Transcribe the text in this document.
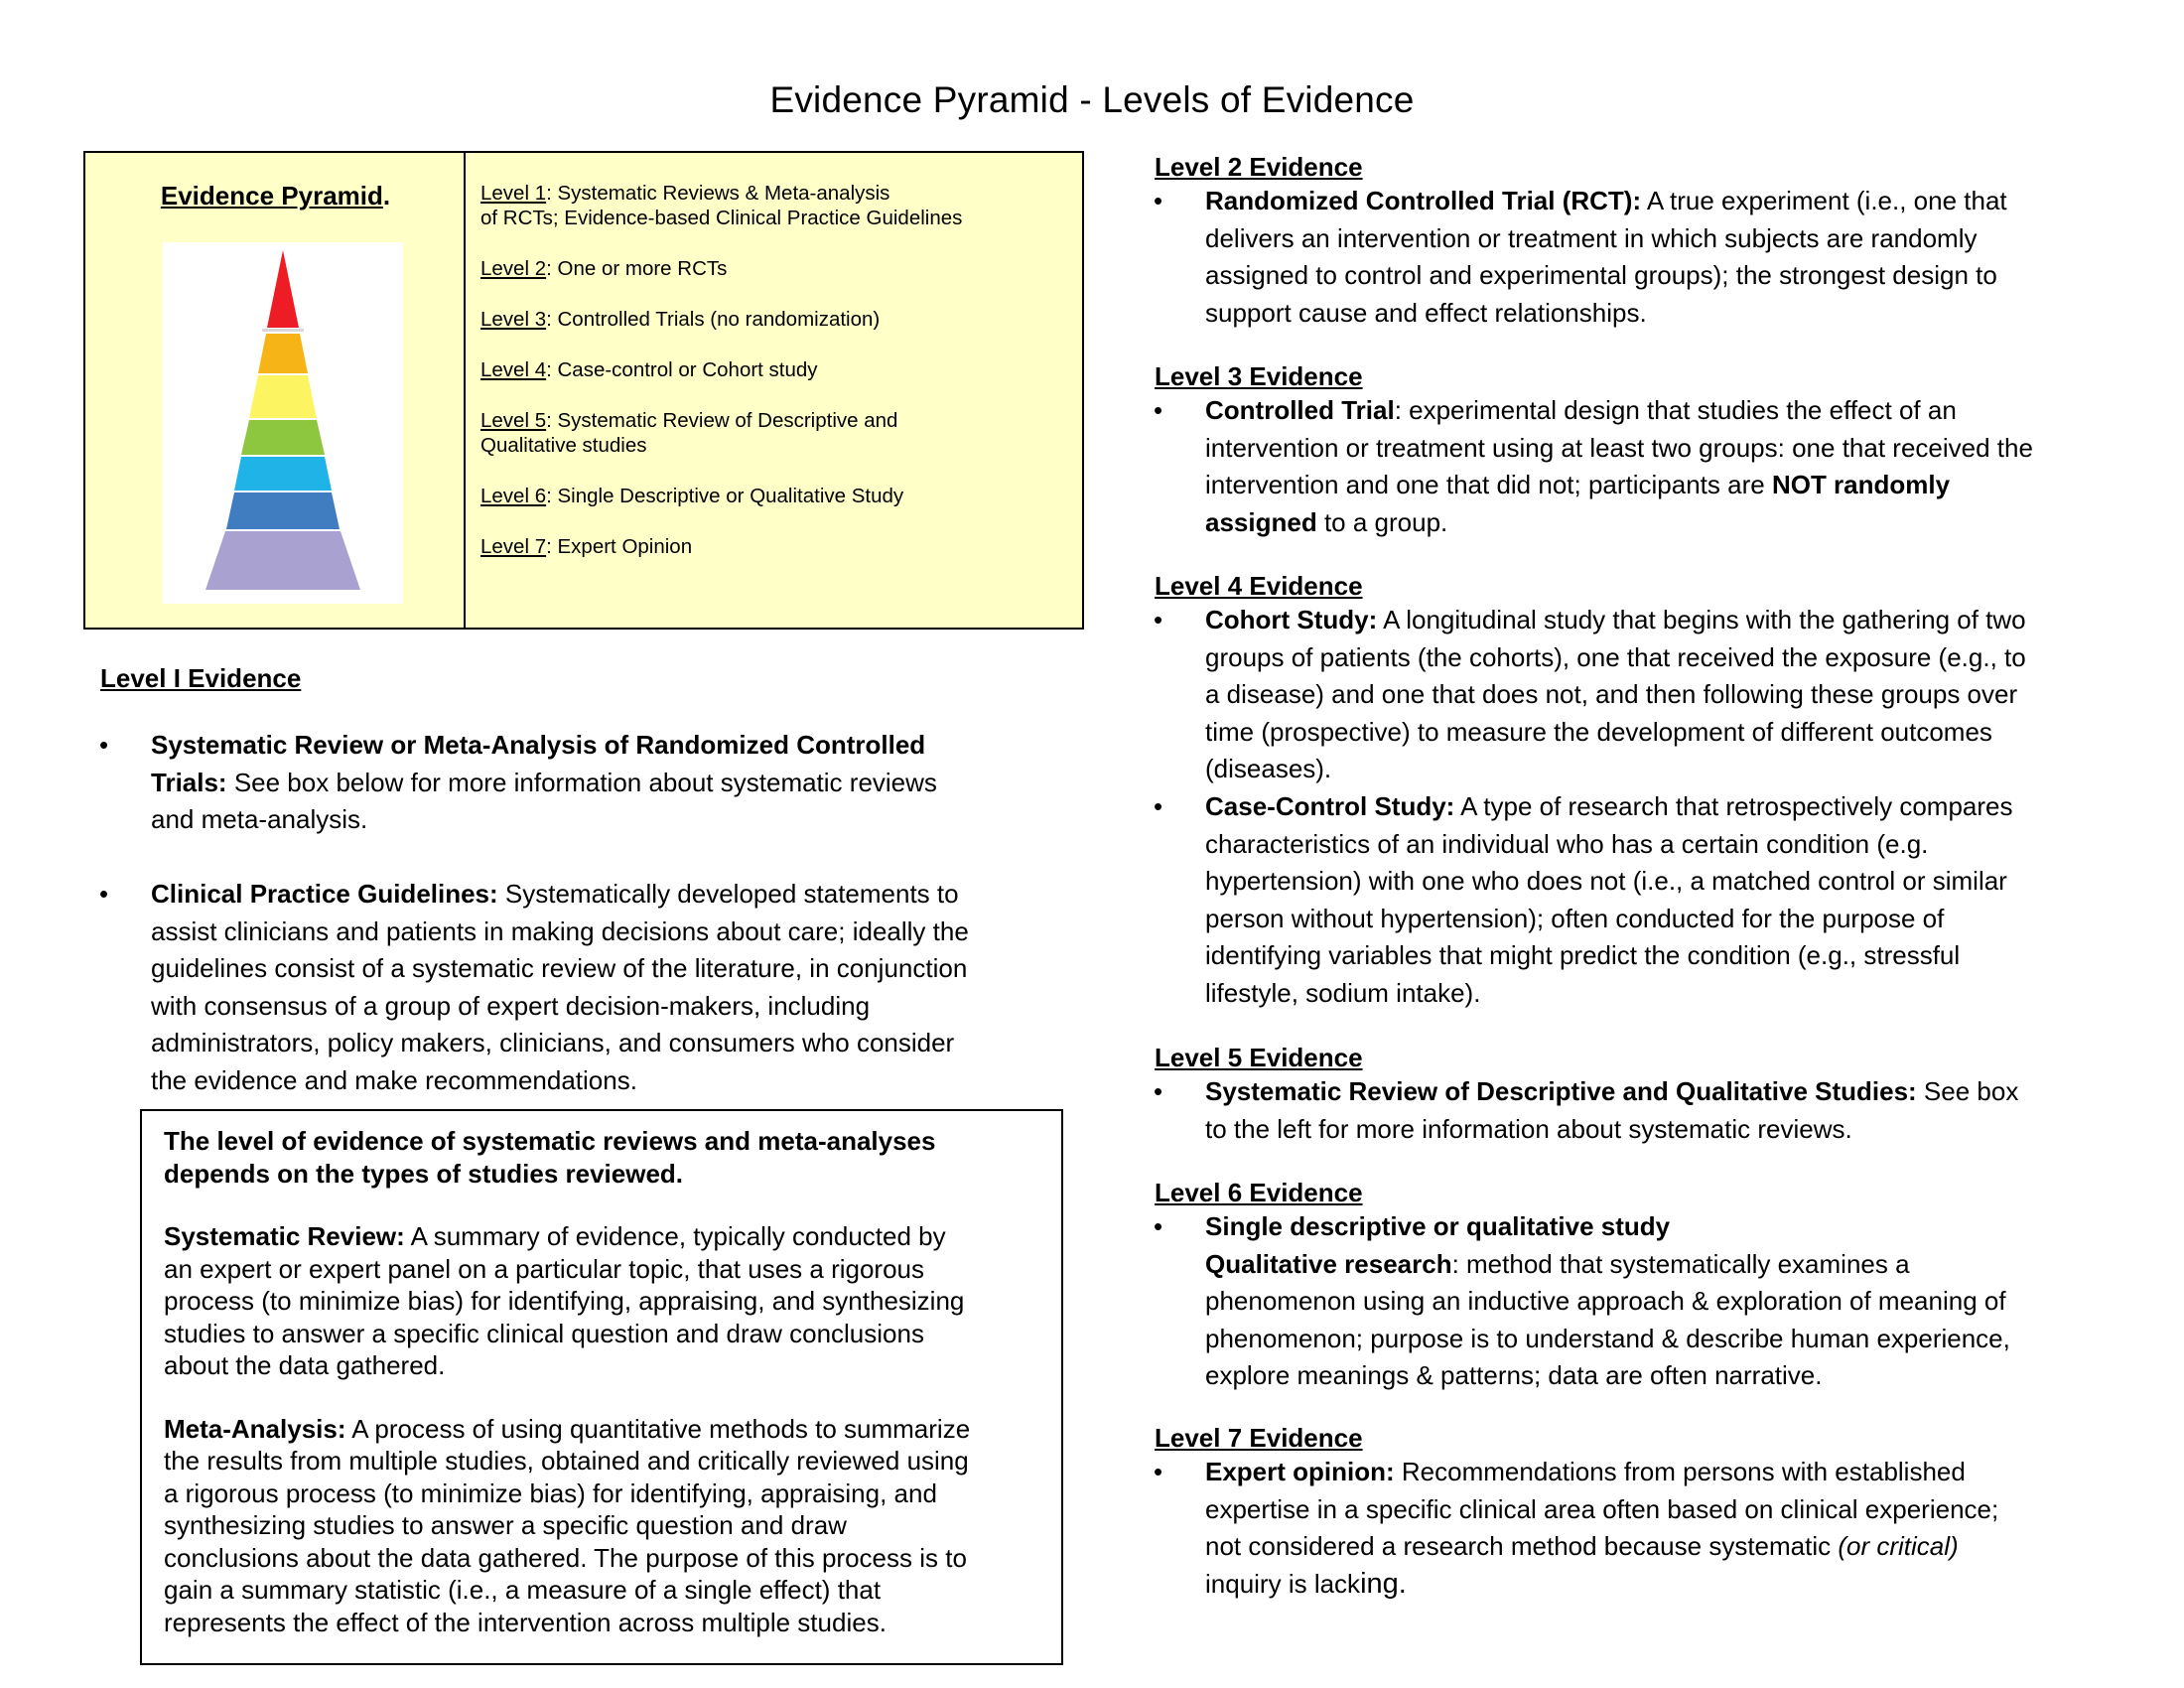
Evidence Pyramid - Levels of Evidence
Evidence Pyramid.	Level 1: Systematic Reviews & Meta-analysis
of RCTs; Evidence-based Clinical Practice Guidelines
Level 2: One or more RCTs
Level 3: Controlled Trials (no randomization)
Level 4: Case-control or Cohort study
Level 5: Systematic Review of Descriptive and
Qualitative studies
Level 6: Single Descriptive or Qualitative Study
Level 7: Expert Opinion
Level I Evidence
• Systematic Review or Meta-Analysis of Randomized Controlled
Trials: See box below for more information about systematic reviews
and meta-analysis.
• Clinical Practice Guidelines: Systematically developed statements to
assist clinicians and patients in making decisions about care; ideally the
guidelines consist of a systematic review of the literature, in conjunction
with consensus of a group of expert decision-makers, including
administrators, policy makers, clinicians, and consumers who consider
the evidence and make recommendations.

The level of evidence of systematic reviews and meta-analyses
depends on the types of studies reviewed.

Systematic Review: A summary of evidence, typically conducted by
an expert or expert panel on a particular topic, that uses a rigorous
process (to minimize bias) for identifying, appraising, and synthesizing
studies to answer a specific clinical question and draw conclusions
about the data gathered.

Meta-Analysis: A process of using quantitative methods to summarize
the results from multiple studies, obtained and critically reviewed using
a rigorous process (to minimize bias) for identifying, appraising, and
synthesizing studies to answer a specific question and draw
conclusions about the data gathered. The purpose of this process is to
gain a summary statistic (i.e., a measure of a single effect) that
represents the effect of the intervention across multiple studies.

Level 2 Evidence
• Randomized Controlled Trial (RCT): A true experiment (i.e., one that
delivers an intervention or treatment in which subjects are randomly
assigned to control and experimental groups); the strongest design to
support cause and effect relationships.
Level 3 Evidence
• Controlled Trial: experimental design that studies the effect of an
intervention or treatment using at least two groups: one that received the
intervention and one that did not; participants are NOT randomly
assigned to a group.
Level 4 Evidence
• Cohort Study: A longitudinal study that begins with the gathering of two
groups of patients (the cohorts), one that received the exposure (e.g., to
a disease) and one that does not, and then following these groups over
time (prospective) to measure the development of different outcomes
(diseases).
• Case-Control Study: A type of research that retrospectively compares
characteristics of an individual who has a certain condition (e.g.
hypertension) with one who does not (i.e., a matched control or similar
person without hypertension); often conducted for the purpose of
identifying variables that might predict the condition (e.g., stressful
lifestyle, sodium intake).
Level 5 Evidence
• Systematic Review of Descriptive and Qualitative Studies: See box
to the left for more information about systematic reviews.
Level 6 Evidence
• Single descriptive or qualitative study
Qualitative research: method that systematically examines a
phenomenon using an inductive approach & exploration of meaning of
phenomenon; purpose is to understand & describe human experience,
explore meanings & patterns; data are often narrative.
Level 7 Evidence
• Expert opinion: Recommendations from persons with established
expertise in a specific clinical area often based on clinical experience;
not considered a research method because systematic (or critical)
inquiry is lacking.
